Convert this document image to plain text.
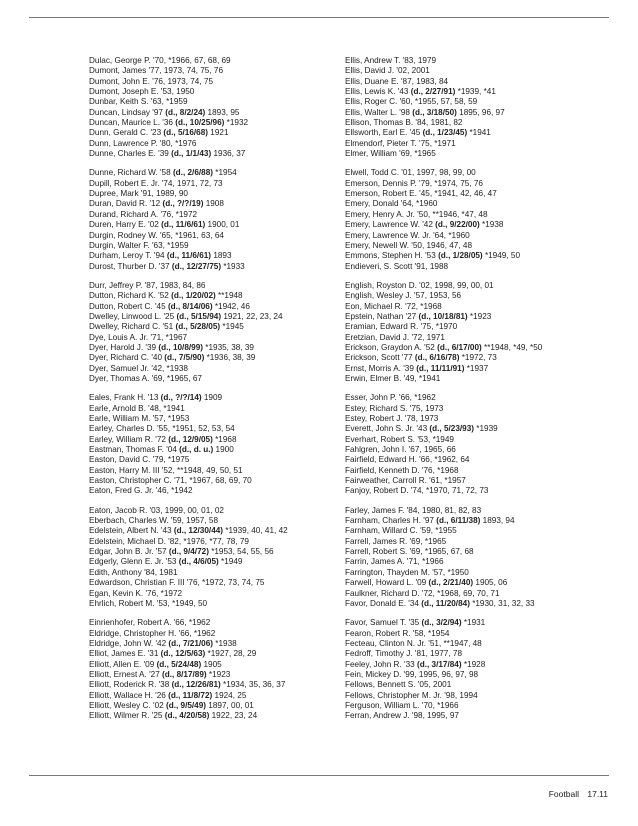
Dulac, George P. '70, *1966, 67, 68, 69
Dumont, James '77, 1973, 74, 75, 76
Dumont, John E. '76, 1973, 74, 75
Dumont, Joseph E. '53, 1950
Dunbar, Keith S. '63, *1959
Duncan, Lindsay '97 (d., 8/2/24) 1893, 95
Duncan, Maurice L. '36 (d., 10/25/96) *1932
Dunn, Gerald C. '23 (d., 5/16/68) 1921
Dunn, Lawrence P. '80, *1976
Dunne, Charles E. '39 (d., 1/1/43) 1936, 37
Dunne, Richard W. '58 (d., 2/6/88) *1954
Dupill, Robert E. Jr. '74, 1971, 72, 73
Dupree, Mark '91, 1989, 90
Duran, David R. '12 (d., ?/?/19) 1908
Durand, Richard A. '76, *1972
Duren, Harry E. '02 (d., 11/6/61) 1900, 01
Durgin, Rodney W. '65, *1961, 63, 64
Durgin, Walter F. '63, *1959
Durham, Leroy T. '94 (d., 11/6/61) 1893
Durost, Thurber D. '37 (d., 12/27/75) *1933
Durr, Jeffrey P. '87, 1983, 84, 86
Dutton, Richard K. '52 (d., 1/20/02) **1948
Dutton, Robert C. '45 (d., 8/14/06) *1942, 46
Dwelley, Linwood L. '25 (d., 5/15/94) 1921, 22, 23, 24
Dwelley, Richard C. '51 (d., 5/28/05) *1945
Dye, Louis A. Jr. '71, *1967
Dyer, Harold J. '39 (d., 10/8/99) *1935, 38, 39
Dyer, Richard C. '40 (d., 7/5/90) *1936, 38, 39
Dyer, Samuel Jr. '42, *1938
Dyer, Thomas A. '69, *1965, 67
Eales, Frank H. '13 (d., ?/?/14) 1909
Earle, Arnold B. '48, *1941
Earle, William M. '57, *1953
Earley, Charles D. '55, *1951, 52, 53, 54
Earley, William R. '72 (d., 12/9/05) *1968
Eastman, Thomas F. '04 (d., d. u.) 1900
Easton, David C. '79, *1975
Easton, Harry M. III '52, **1948, 49, 50, 51
Easton, Christopher C. '71, *1967, 68, 69, 70
Eaton, Fred G. Jr. '46, *1942
Eaton, Jacob R. '03, 1999, 00, 01, 02
Eberbach, Charles W. '59, 1957, 58
Edelstein, Albert N. '43 (d., 12/30/44) *1939, 40, 41, 42
Edelstein, Michael D. '82, *1976, *77, 78, 79
Edgar, John B. Jr. '57 (d., 9/4/72) *1953, 54, 55, 56
Edgerly, Glenn E. Jr. '53 (d., 4/6/05) *1949
Edith, Anthony '84, 1981
Edwardson, Christian F. III '76, *1972, 73, 74, 75
Egan, Kevin K. '76, *1972
Ehrlich, Robert M. '53, *1949, 50
Einrienhofer, Robert A. '66, *1962
Eldridge, Christopher H. '66, *1962
Eldridge, John W. '42 (d., 7/21/06) *1938
Elliot, James E. '31 (d., 12/5/63) *1927, 28, 29
Elliott, Allen E. '09 (d., 5/24/48) 1905
Elliott, Ernest A. '27 (d., 8/17/89) *1923
Elliott, Roderick R. '38 (d., 12/26/81) *1934, 35, 36, 37
Elliott, Wallace H. '26 (d., 11/8/72) 1924, 25
Elliott, Wesley C. '02 (d., 9/5/49) 1897, 00, 01
Elliott, Wilmer R. '25 (d., 4/20/58) 1922, 23, 24
Ellis, Andrew T. '83, 1979
Ellis, David J. '02, 2001
Ellis, Duane E. '87, 1983, 84
Ellis, Lewis K. '43 (d., 2/27/91) *1939, *41
Ellis, Roger C. '60, *1955, 57, 58, 59
Ellis, Walter L. '98 (d., 3/18/50) 1895, 96, 97
Ellison, Thomas B. '84, 1981, 82
Ellsworth, Earl E. '45 (d., 1/23/45) *1941
Elmendorf, Pieter T. '75, *1971
Elmer, William '69, *1965
Elwell, Todd C. '01, 1997, 98, 99, 00
Emerson, Dennis P. '79, *1974, 75, 76
Emerson, Robert E. '45, *1941, 42, 46, 47
Emery, Donald '64, *1960
Emery, Henry A. Jr. '50, **1946, *47, 48
Emery, Lawrence W. '42 (d., 9/22/00) *1938
Emery, Lawrence W. Jr. '64, *1960
Emery, Newell W. '50, 1946, 47, 48
Emmons, Stephen H. '53 (d., 1/28/05) *1949, 50
Endieveri, S. Scott '91, 1988
English, Royston D. '02, 1998, 99, 00, 01
English, Wesley J. '57, 1953, 56
Eon, Michael R. '72, *1968
Epstein, Nathan '27 (d., 10/18/81) *1923
Eramian, Edward R. '75, *1970
Eretzian, David J. '72, 1971
Erickson, Graydon A. '52 (d., 6/17/00) **1948, *49, *50
Erickson, Scott '77 (d., 6/16/78) *1972, 73
Ernst, Morris A. '39 (d., 11/11/91) *1937
Erwin, Elmer B. '49, *1941
Esser, John P. '66, *1962
Estey, Richard S. '75, 1973
Estey, Robert J. '78, 1973
Everett, John S. Jr. '43 (d., 5/23/93) *1939
Everhart, Robert S. '53, *1949
Fahlgren, John I. '67, 1965, 66
Fairfield, Edward H. '66, *1962, 64
Fairfield, Kenneth D. '76, *1968
Fairweather, Carroll R. '61, *1957
Fanjoy, Robert D. '74, *1970, 71, 72, 73
Farley, James F. '84, 1980, 81, 82, 83
Farnham, Charles H. '97 (d., 6/11/38) 1893, 94
Farnham, Willard C. '59, *1955
Farrell, James R. '69, *1965
Farrell, Robert S. '69, *1965, 67, 68
Farrin, James A. '71, *1966
Farrington, Thayden M. '57, *1950
Farwell, Howard L. '09 (d., 2/21/40) 1905, 06
Faulkner, Richard D. '72, *1968, 69, 70, 71
Favor, Donald E. '34 (d., 11/20/84) *1930, 31, 32, 33
Favor, Samuel T. '35 (d., 3/2/94) *1931
Fearon, Robert R. '58, *1954
Fecteau, Clinton N. Jr. '51, **1947, 48
Fedroff, Timothy J. '81, 1977, 78
Feeley, John R. '33 (d., 3/17/84) *1928
Fein, Mickey D. '99, 1995, 96, 97, 98
Fellows, Bennett S. '05, 2001
Fellows, Christopher M. Jr. '98, 1994
Ferguson, William L. '70, *1966
Ferran, Andrew J. '98, 1995, 97
Football 17.11
